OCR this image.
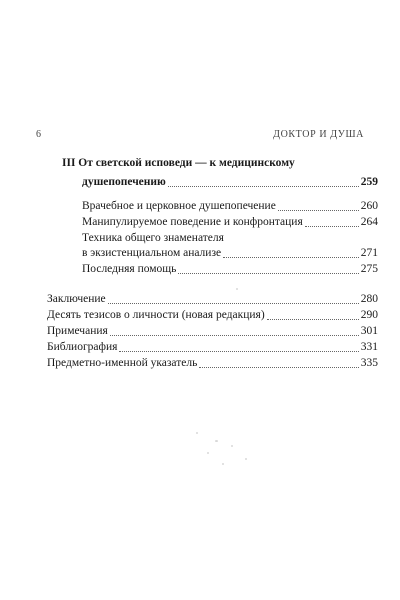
6	ДОКТОР И ДУША
III От светской исповеди — к медицинскому
душепопечению	259
Врачебное и церковное душепопечение	260
Манипулируемое поведение и конфронтация	264
Техника общего знаменателя
в экзистенциальном анализе	271
Последняя помощь	275
Заключение	280
Десять тезисов о личности (новая редакция)	290
Примечания	301
Библиография	331
Предметно-именной указатель	335
